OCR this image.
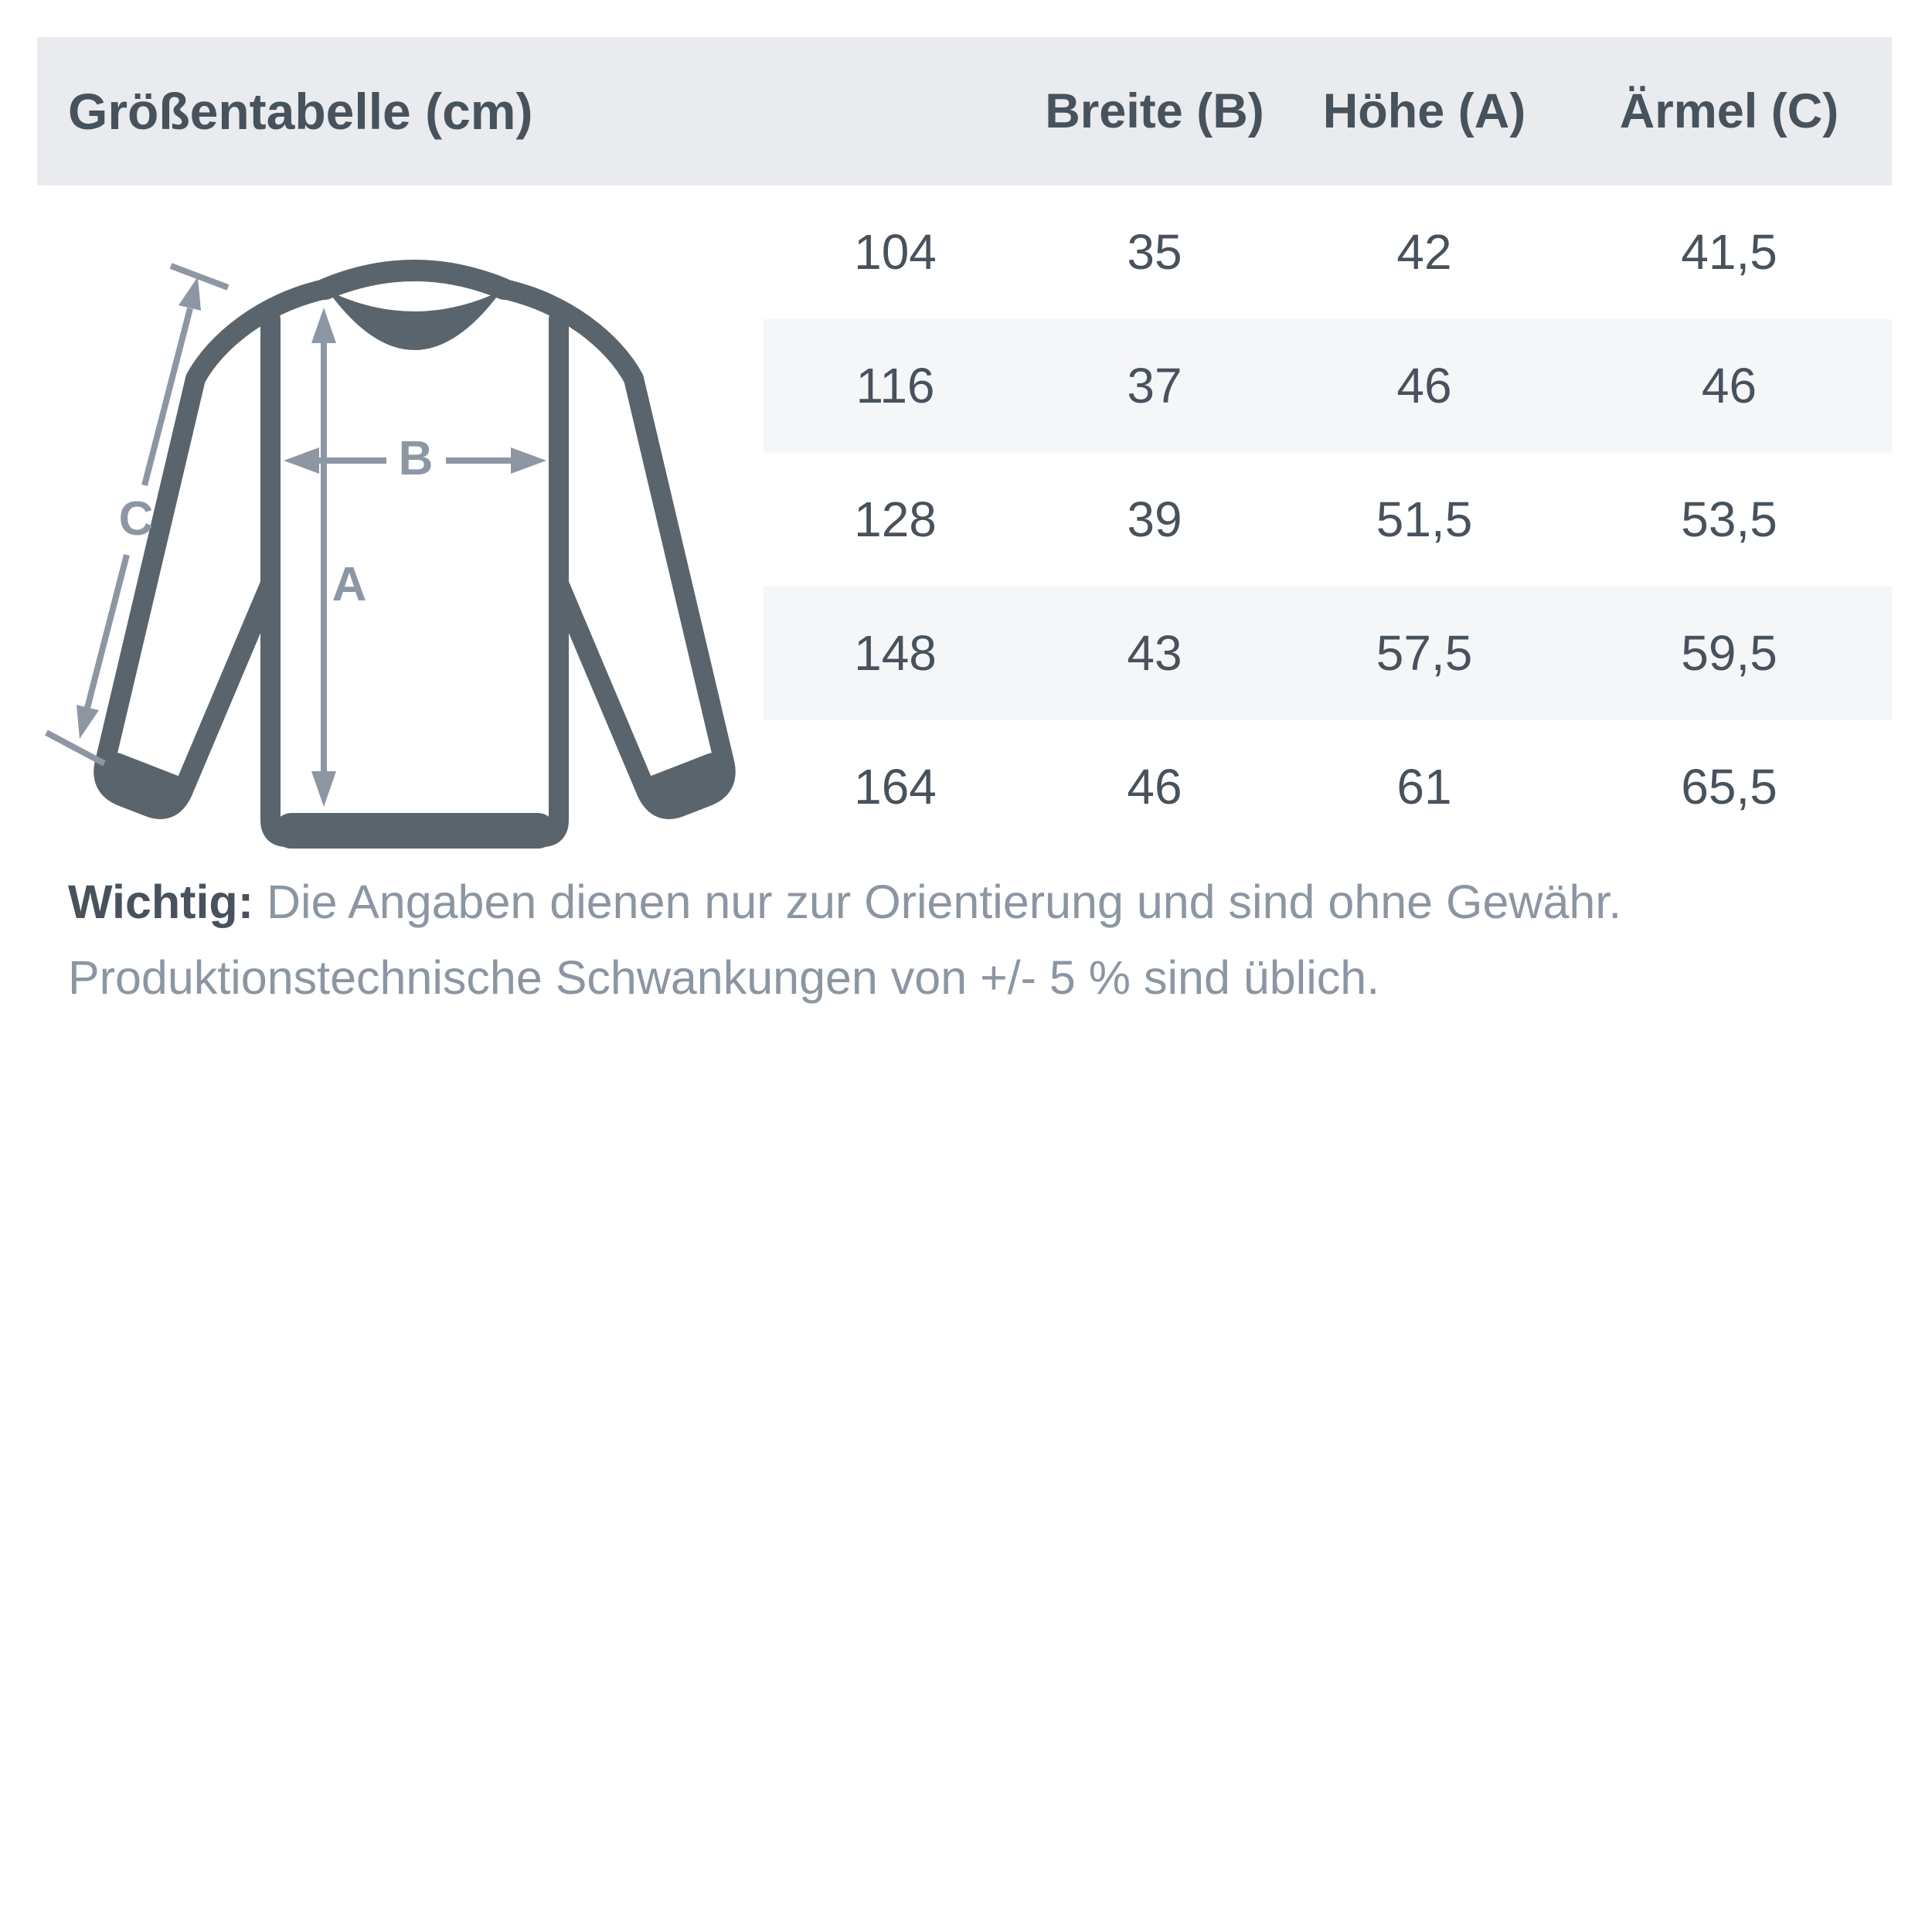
Größentabelle (cm)	Breite (B)	Höhe (A)	Ärmel (C)
A
B
C
104	35	42	41,5
116	37	46	46
128	39	51,5	53,5
148	43	57,5	59,5
164	46	61	65,5
Wichtig: Die Angaben dienen nur zur Orientierung und sind ohne Gewähr.
Produktionstechnische Schwankungen von +/- 5 % sind üblich.
